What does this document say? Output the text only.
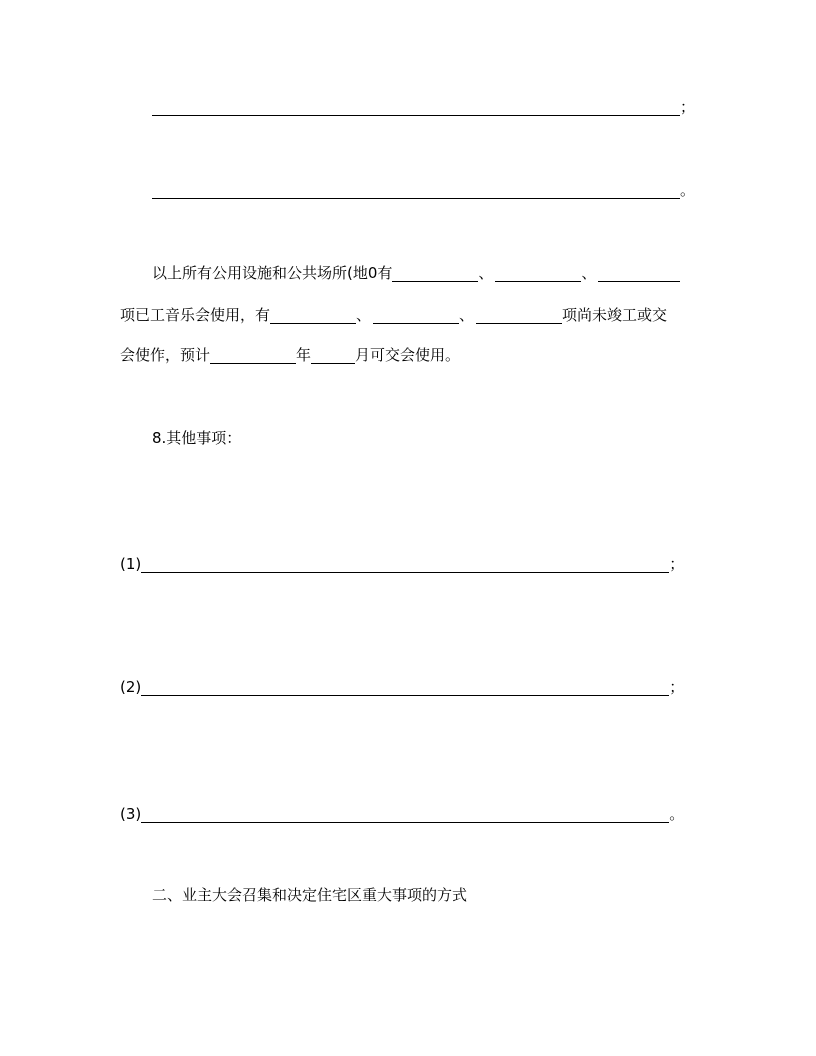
；
。
以上所有公用设施和公共场所(地0有	、	、
项已工音乐会使用，有	、	、	项尚未竣工或交
会使作，预计	年	月可交会使用。
8.其他事项：
(1)	；
(2)	；
(3)	。
二、业主大会召集和决定住宅区重大事项的方式
